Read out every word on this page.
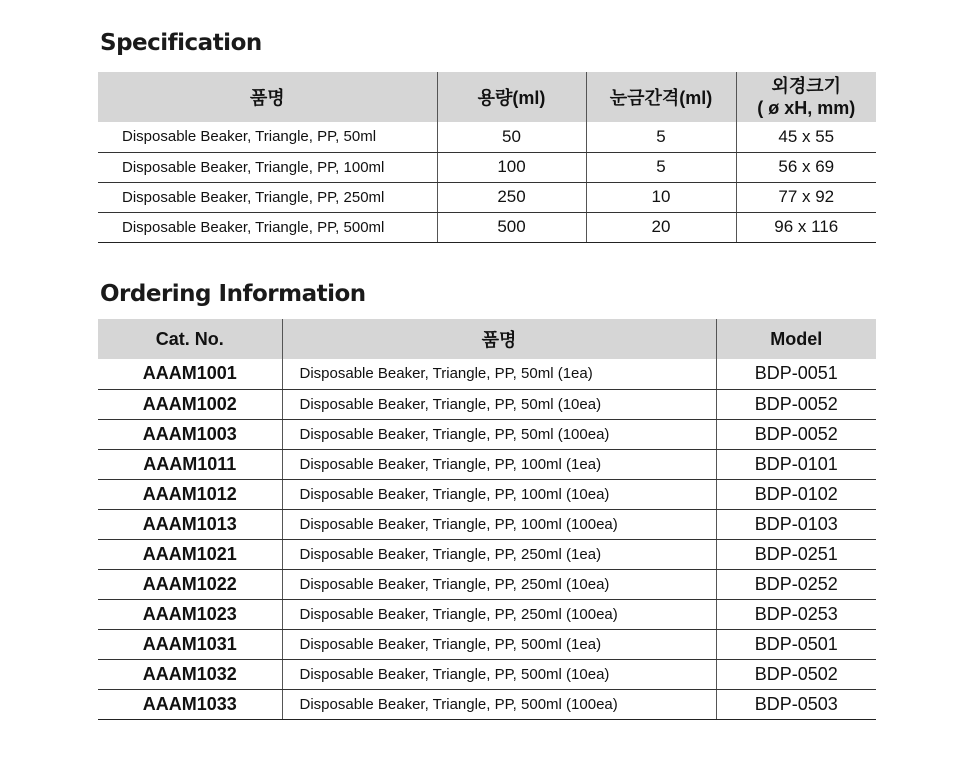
Specification
품명	용량(ml)	눈금간격(ml)	외경크기
( ø xH, mm)

Disposable Beaker, Triangle, PP, 50ml	50	5	45 x 55
Disposable Beaker, Triangle, PP, 100ml	100	5	56 x 69
Disposable Beaker, Triangle, PP, 250ml	250	10	77 x 92
Disposable Beaker, Triangle, PP, 500ml	500	20	96 x 116
Ordering Information
Cat. No.	품명	Model
AAAM1001	Disposable Beaker, Triangle, PP, 50ml (1ea)	BDP-0051
AAAM1002	Disposable Beaker, Triangle, PP, 50ml (10ea)	BDP-0052
AAAM1003	Disposable Beaker, Triangle, PP, 50ml (100ea)	BDP-0052
AAAM1011	Disposable Beaker, Triangle, PP, 100ml (1ea)	BDP-0101
AAAM1012	Disposable Beaker, Triangle, PP, 100ml (10ea)	BDP-0102
AAAM1013	Disposable Beaker, Triangle, PP, 100ml (100ea)	BDP-0103
AAAM1021	Disposable Beaker, Triangle, PP, 250ml (1ea)	BDP-0251
AAAM1022	Disposable Beaker, Triangle, PP, 250ml (10ea)	BDP-0252
AAAM1023	Disposable Beaker, Triangle, PP, 250ml (100ea)	BDP-0253
AAAM1031	Disposable Beaker, Triangle, PP, 500ml (1ea)	BDP-0501
AAAM1032	Disposable Beaker, Triangle, PP, 500ml (10ea)	BDP-0502
AAAM1033	Disposable Beaker, Triangle, PP, 500ml (100ea)	BDP-0503
